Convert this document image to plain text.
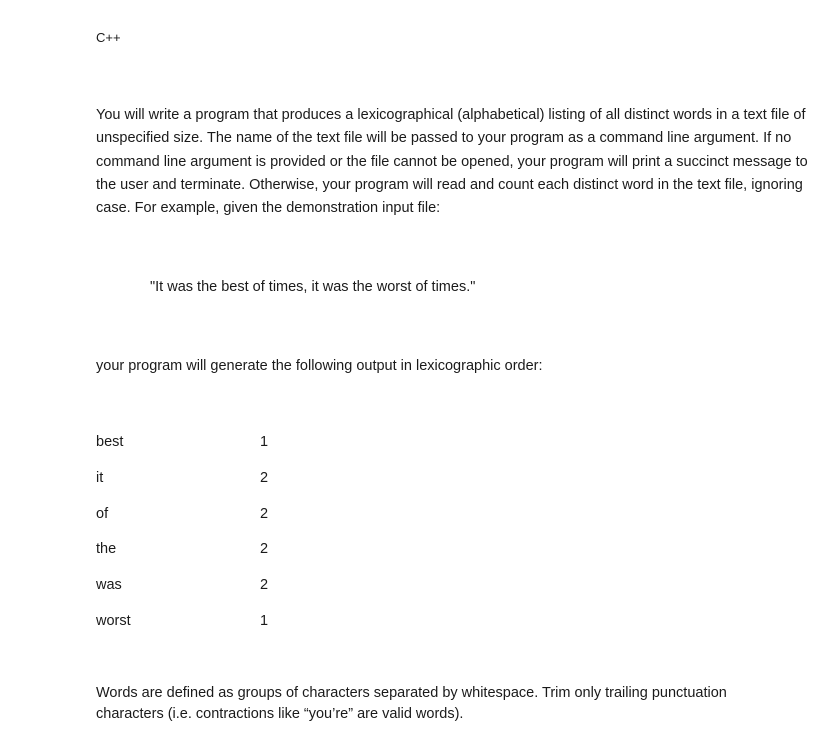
C++

You will write a program that produces a lexicographical (alphabetical) listing of all distinct words in a text file of unspecified size. The name of the text file will be passed to your program as a command line argument. If no command line argument is provided or the file cannot be opened, your program will print a succinct message to the user and terminate. Otherwise, your program will read and count each distinct word in the text file, ignoring case. For example, given the demonstration input file:

"It was the best of times, it was the worst of times."

your program will generate the following output in lexicographic order:

best	1
it	2
of	2
the	2
was	2
worst	1

Words are defined as groups of characters separated by whitespace. Trim only trailing punctuation characters (i.e. contractions like “you’re” are valid words).
